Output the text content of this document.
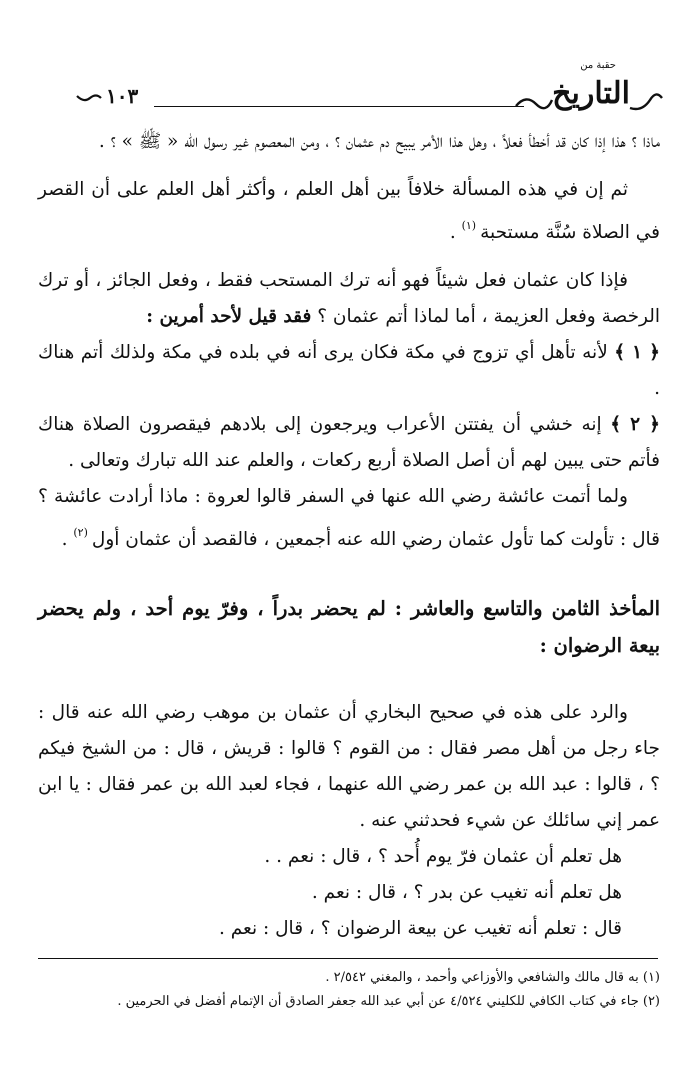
١٠٣
حقبة من
التاريخ

ماذا ؟ هذا إذا كان قد أخطأ فعلاً ، وهل هذا الأمر يبيح دم عثمان ؟ ، ومن المعصوم غير رسول الله « ﷺ » ؟ .

ثم إن في هذه المسألة خلافاً بين أهل العلم ، وأكثر أهل العلم على أن القصر في الصلاة سُنَّة مستحبة$^{(١)}$ .

فإذا كان عثمان فعل شيئاً فهو أنه ترك المستحب فقط ، وفعل الجائز ، أو ترك الرخصة وفعل العزيمة ، أما لماذا أتم عثمان ؟ فقد قيل لأحد أمرين :

﴿ ١ ﴾ لأنه تأهل أي تزوج في مكة فكان يرى أنه في بلده في مكة ولذلك أتم هناك .

﴿ ٢ ﴾ إنه خشي أن يفتتن الأعراب ويرجعون إلى بلادهم فيقصرون الصلاة هناك فأتم حتى يبين لهم أن أصل الصلاة أربع ركعات ، والعلم عند الله تبارك وتعالى .

ولما أتمت عائشة رضي الله عنها في السفر قالوا لعروة : ماذا أرادت عائشة ؟ قال : تأولت كما تأول عثمان رضي الله عنه أجمعين ، فالقصد أن عثمان أول$^{(٢)}$ .

المأخذ الثامن والتاسع والعاشر : لم يحضر بدراً ، وفرّ يوم أحد ، ولم يحضر بيعة الرضوان :

والرد على هذه في صحيح البخاري أن عثمان بن موهب رضي الله عنه قال : جاء رجل من أهل مصر فقال : من القوم ؟ قالوا : قريش ، قال : من الشيخ فيكم ؟ ، قالوا : عبد الله بن عمر رضي الله عنهما ، فجاء لعبد الله بن عمر فقال : يا ابن عمر إني سائلك عن شيء فحدثني عنه .

هل تعلم أن عثمان فرّ يوم أُحد ؟ ، قال : نعم . .

هل تعلم أنه تغيب عن بدر ؟ ، قال : نعم .

قال : تعلم أنه تغيب عن بيعة الرضوان ؟ ، قال : نعم .

(١) به قال مالك والشافعي والأوزاعي وأحمد ، والمغني ٢/٥٤٢ .

(٢) جاء في كتاب الكافي للكليني ٤/٥٢٤ عن أبي عبد الله جعفر الصادق أن الإتمام أفضل في الحرمين .
